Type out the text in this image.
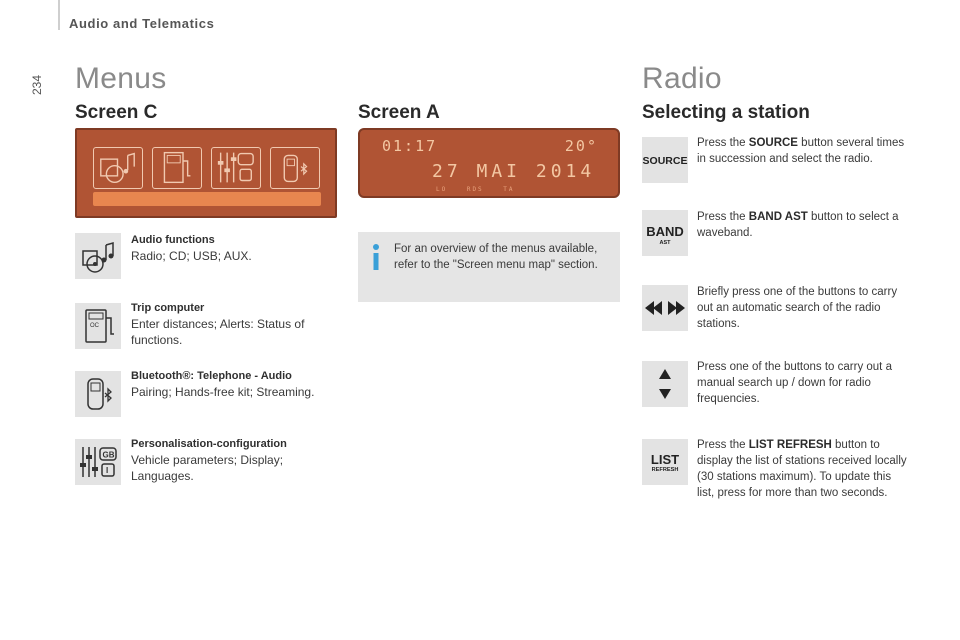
Audio and Telematics
234 Menus
Screen C
Audio functions
Radio; CD; USB; AUX.
OC
Trip computer
Enter distances; Alerts: Status of functions.
Bluetooth®: Telephone - Audio
Pairing; Hands-free kit; Streaming.
GB
I
Personalisation-configuration
Vehicle parameters; Display; Languages.
Screen A
01:17	20°
27 MAI 2014
LO RDS TA
For an overview of the menus available, refer to the "Screen menu map" section.
Radio
Selecting a station
SOURCE
Press the SOURCE button several times in succession and select the radio.
BAND
AST
Press the BAND AST button to select a waveband.
Briefly press one of the buttons to carry out an automatic search of the radio stations.
Press one of the buttons to carry out a manual search up / down for radio frequencies.
LIST
REFRESH
Press the LIST REFRESH button to display the list of stations received locally (30 stations maximum). To update this list, press for more than two seconds.
